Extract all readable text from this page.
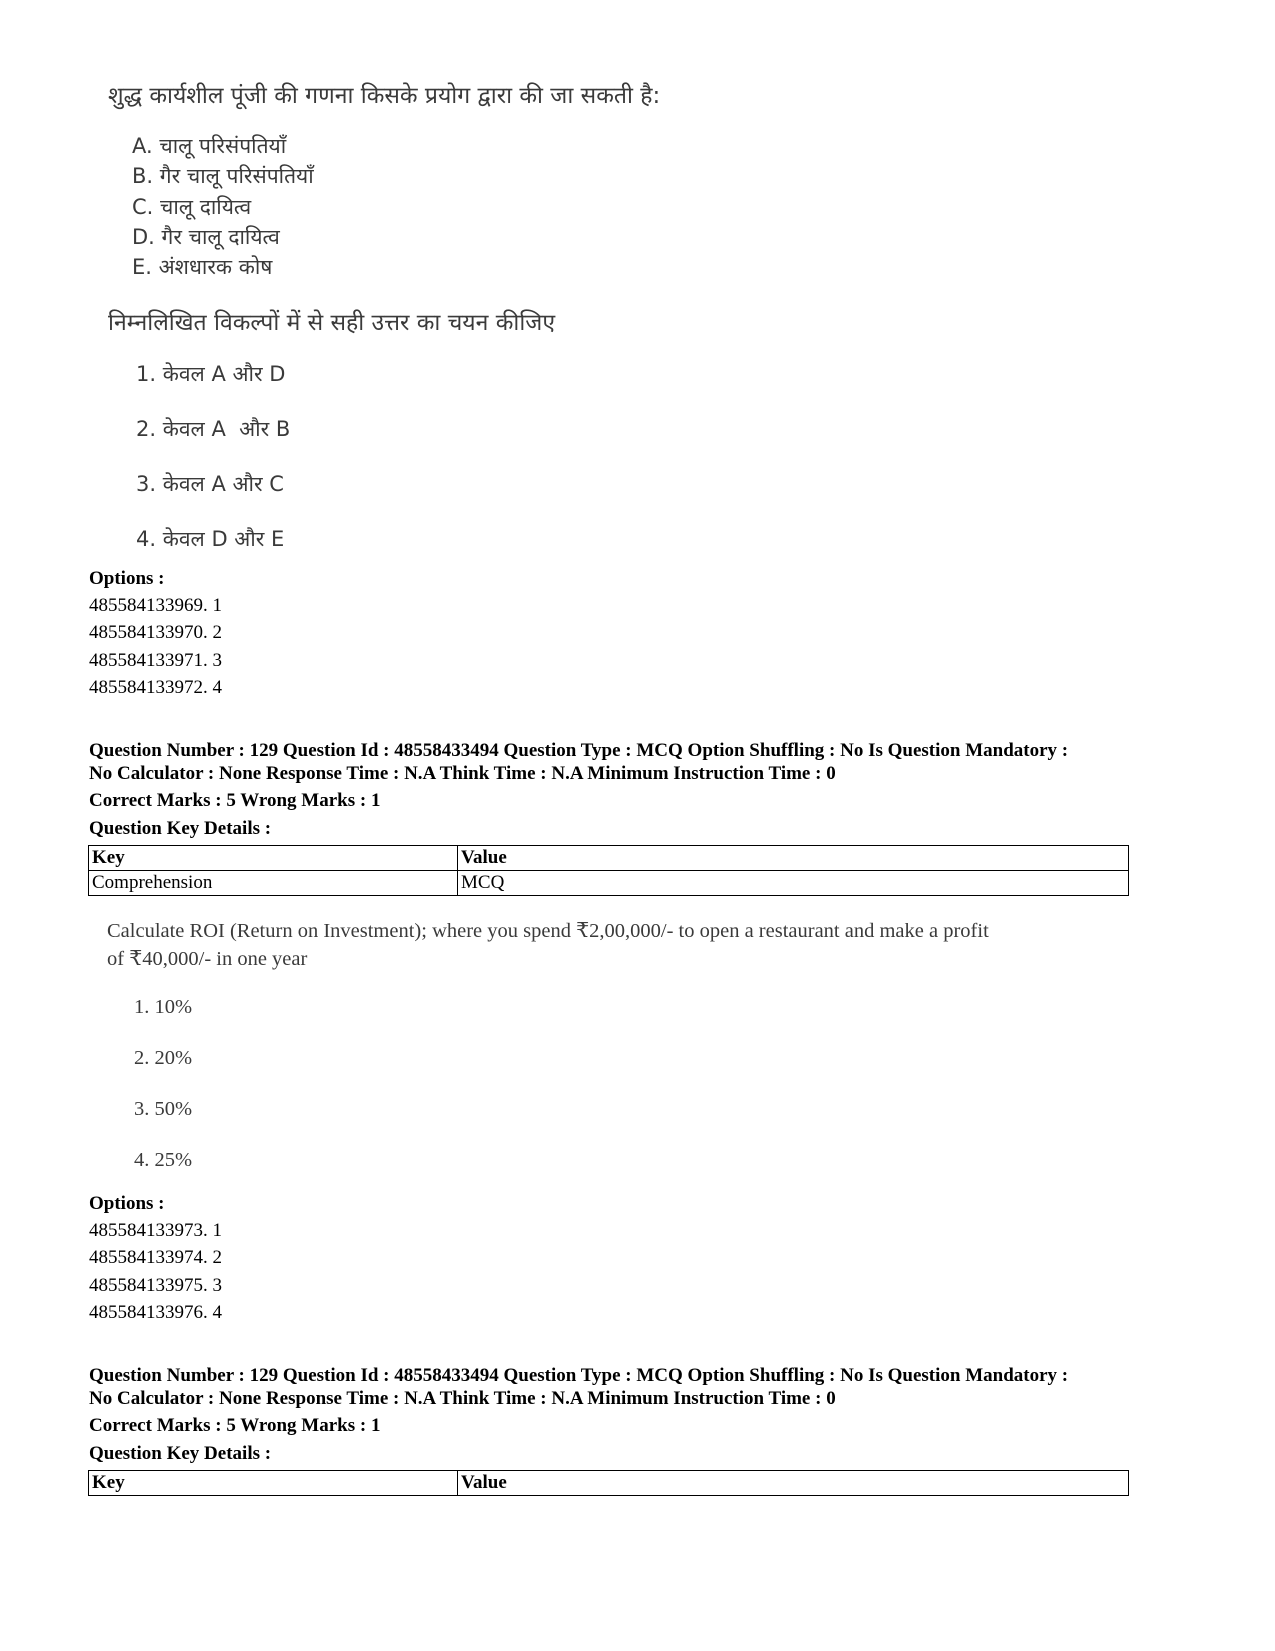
शुद्ध कार्यशील पूंजी की गणना किसके प्रयोग द्वारा की जा सकती है:
A. चालू परिसंपतियाँ
B. गैर चालू परिसंपतियाँ
C. चालू दायित्व
D. गैर चालू दायित्व
E. अंशधारक कोष
निम्नलिखित विकल्पों में से सही उत्तर का चयन कीजिए
1. केवल A और D
2. केवल A  और B
3. केवल A और C
4. केवल D और E
Options :
485584133969. 1
485584133970. 2
485584133971. 3
485584133972. 4
Question Number : 129 Question Id : 48558433494 Question Type : MCQ Option Shuffling : No Is Question Mandatory :
No Calculator : None Response Time : N.A Think Time : N.A Minimum Instruction Time : 0
Correct Marks : 5 Wrong Marks : 1
Question Key Details :
Key	Value
Comprehension	MCQ
Calculate ROI (Return on Investment); where you spend ₹2,00,000/- to open a restaurant and make a profit
of ₹40,000/- in one year
1. 10%
2. 20%
3. 50%
4. 25%
Options :
485584133973. 1
485584133974. 2
485584133975. 3
485584133976. 4
Question Number : 129 Question Id : 48558433494 Question Type : MCQ Option Shuffling : No Is Question Mandatory :
No Calculator : None Response Time : N.A Think Time : N.A Minimum Instruction Time : 0
Correct Marks : 5 Wrong Marks : 1
Question Key Details :
Key	Value
